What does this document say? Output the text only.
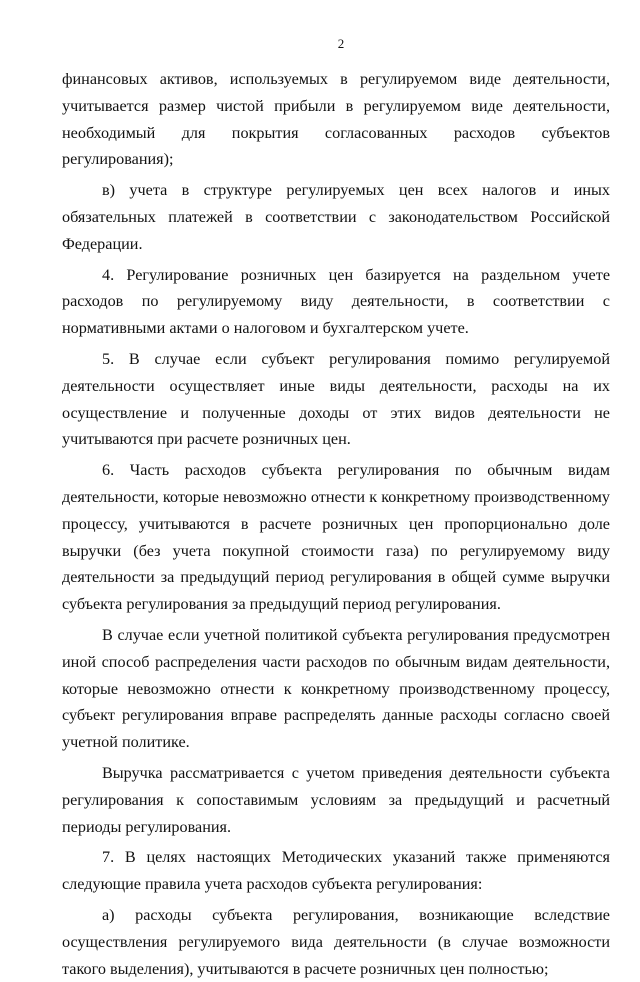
2

финансовых активов, используемых в регулируемом виде деятельности, учитывается размер чистой прибыли в регулируемом виде деятельности, необходимый для покрытия согласованных расходов субъектов регулирования);

в) учета в структуре регулируемых цен всех налогов и иных обязательных платежей в соответствии с законодательством Российской Федерации.

4. Регулирование розничных цен базируется на раздельном учете расходов по регулируемому виду деятельности, в соответствии с нормативными актами о налоговом и бухгалтерском учете.

5. В случае если субъект регулирования помимо регулируемой деятельности осуществляет иные виды деятельности, расходы на их осуществление и полученные доходы от этих видов деятельности не учитываются при расчете розничных цен.

6. Часть расходов субъекта регулирования по обычным видам деятельности, которые невозможно отнести к конкретному производственному процессу, учитываются в расчете розничных цен пропорционально доле выручки (без учета покупной стоимости газа) по регулируемому виду деятельности за предыдущий период регулирования в общей сумме выручки субъекта регулирования за предыдущий период регулирования.

В случае если учетной политикой субъекта регулирования предусмотрен иной способ распределения части расходов по обычным видам деятельности, которые невозможно отнести к конкретному производственному процессу, субъект регулирования вправе распределять данные расходы согласно своей учетной политике.

Выручка рассматривается с учетом приведения деятельности субъекта регулирования к сопоставимым условиям за предыдущий и расчетный периоды регулирования.

7. В целях настоящих Методических указаний также применяются следующие правила учета расходов субъекта регулирования:

а) расходы субъекта регулирования, возникающие вследствие осуществления регулируемого вида деятельности (в случае возможности такого выделения), учитываются в расчете розничных цен полностью;
